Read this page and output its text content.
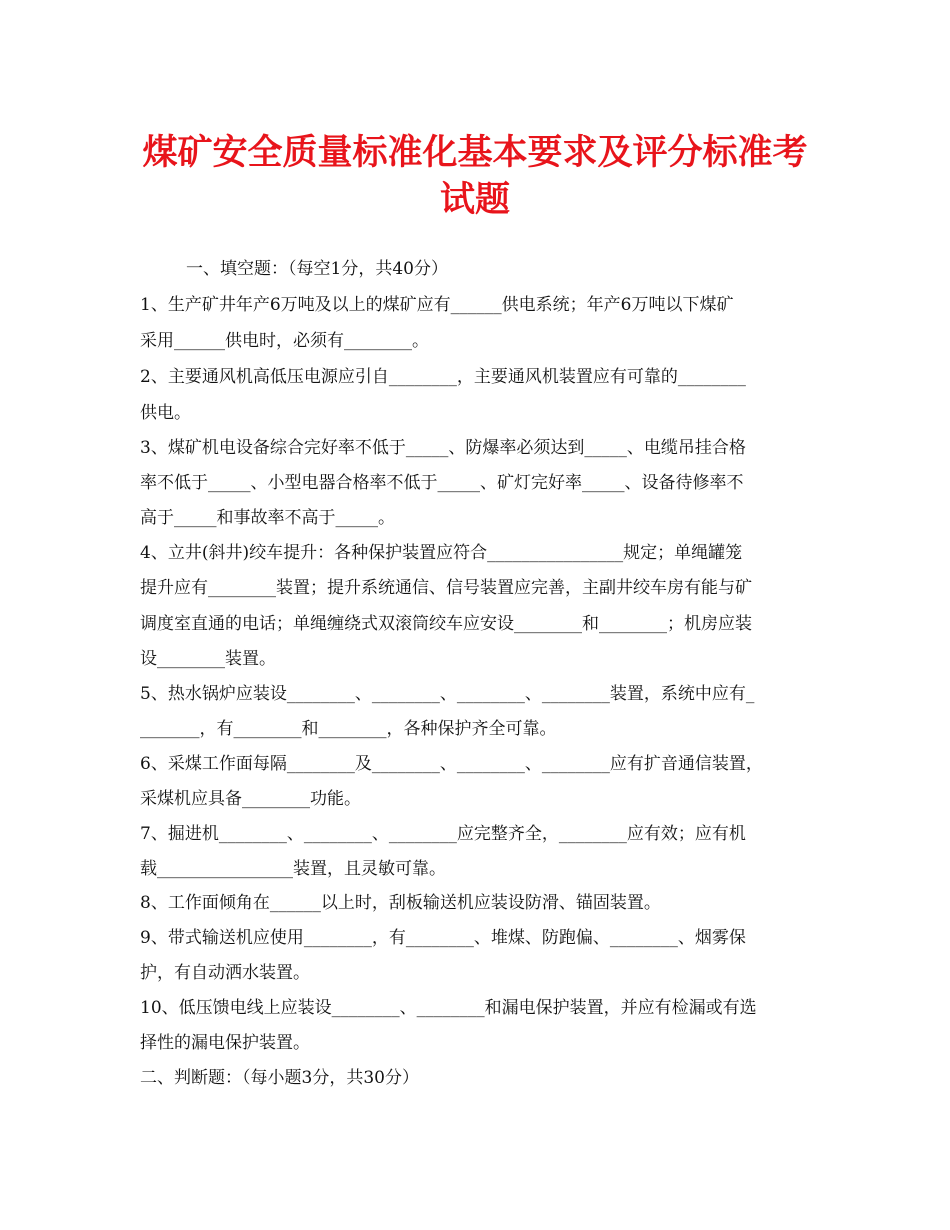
煤矿安全质量标准化基本要求及评分标准考
试题

一、填空题：（每空1分，共40分）

1、生产矿井年产6万吨及以上的煤矿应有______供电系统；年产6万吨以下煤矿

采用______供电时，必须有________。

2、主要通风机高低压电源应引自________，主要通风机装置应有可靠的________

供电。

3、煤矿机电设备综合完好率不低于_____、防爆率必须达到_____、电缆吊挂合格

率不低于_____、小型电器合格率不低于_____、矿灯完好率_____、设备待修率不

高于_____和事故率不高于_____。

4、立井(斜井)绞车提升：各种保护装置应符合________________规定；单绳罐笼

提升应有________装置；提升系统通信、信号装置应完善，主副井绞车房有能与矿

调度室直通的电话；单绳缠绕式双滚筒绞车应安设________和________；机房应装

设________装置。

5、热水锅炉应装设________、________、________、________装置，系统中应有_

_______，有________和________，各种保护齐全可靠。

6、采煤工作面每隔________及________、________、________应有扩音通信装置，

采煤机应具备________功能。

7、掘进机________、________、________应完整齐全，________应有效；应有机

载________________装置，且灵敏可靠。

8、工作面倾角在______以上时，刮板输送机应装设防滑、锚固装置。

9、带式输送机应使用________，有________、堆煤、防跑偏、________、烟雾保

护，有自动洒水装置。

10、低压馈电线上应装设________、________和漏电保护装置，并应有检漏或有选

择性的漏电保护装置。

二、判断题：（每小题3分，共30分）
